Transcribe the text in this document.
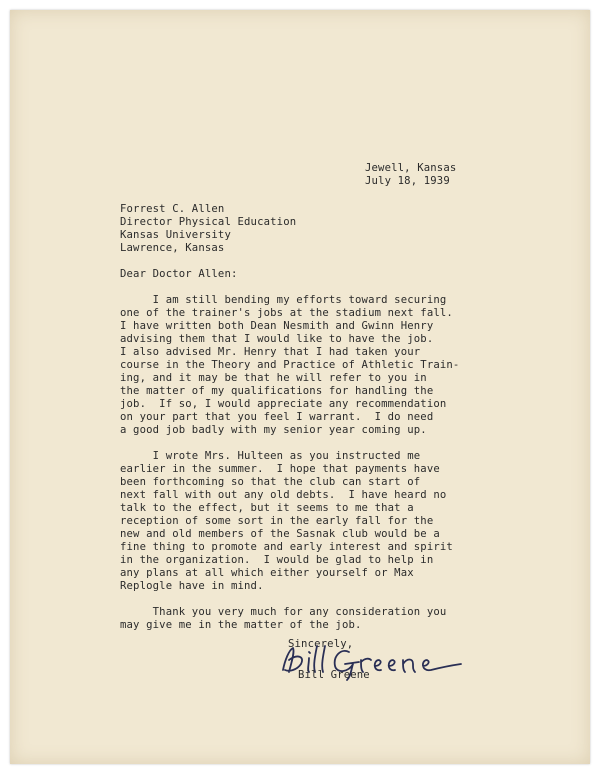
Jewell, Kansas
July 18, 1939
Forrest C. Allen
Director Physical Education
Kansas University
Lawrence, Kansas
Dear Doctor Allen:
I am still bending my efforts toward securing
one of the trainer's jobs at the stadium next fall.
I have written both Dean Nesmith and Gwinn Henry
advising them that I would like to have the job.
I also advised Mr. Henry that I had taken your
course in the Theory and Practice of Athletic Train-
ing, and it may be that he will refer to you in
the matter of my qualifications for handling the
job.  If so, I would appreciate any recommendation
on your part that you feel I warrant.  I do need
a good job badly with my senior year coming up.
I wrote Mrs. Hulteen as you instructed me
earlier in the summer.  I hope that payments have
been forthcoming so that the club can start of
next fall with out any old debts.  I have heard no
talk to the effect, but it seems to me that a
reception of some sort in the early fall for the
new and old members of the Sasnak club would be a
fine thing to promote and early interest and spirit
in the organization.  I would be glad to help in
any plans at all which either yourself or Max
Replogle have in mind.
Thank you very much for any consideration you
may give me in the matter of the job.
Sincerely,
Bill Greene
